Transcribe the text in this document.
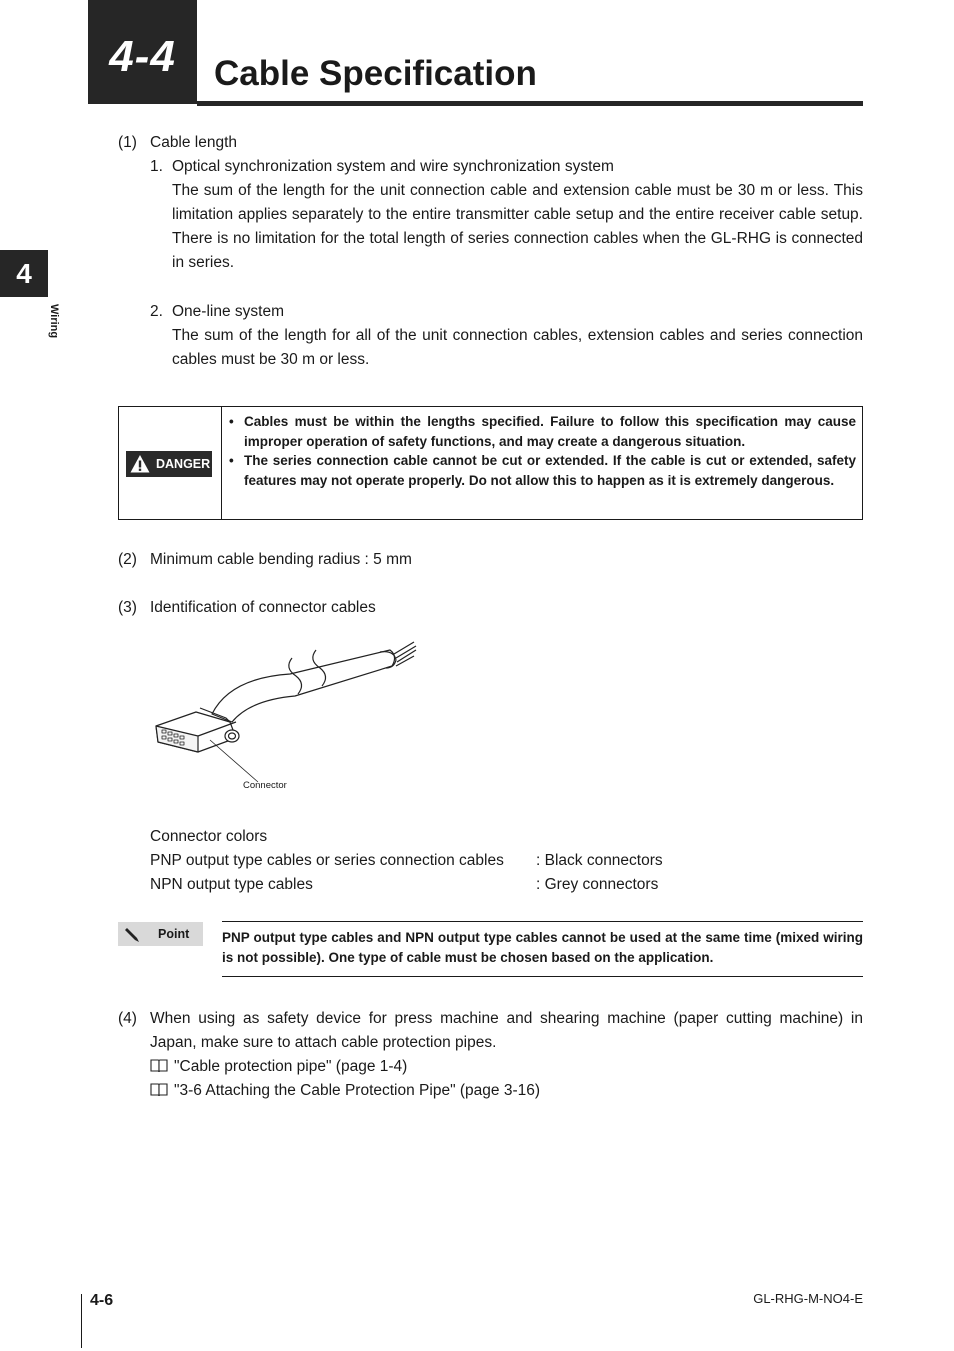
4-4 Cable Specification
4
Wiring
(1) Cable length
1. Optical synchronization system and wire synchronization system
The sum of the length for the unit connection cable and extension cable must be 30 m or less. This limitation applies separately to the entire transmitter cable setup and the entire receiver cable setup. There is no limitation for the total length of series connection cables when the GL-RHG is connected in series.
2. One-line system
The sum of the length for all of the unit connection cables, extension cables and series connection cables must be 30 m or less.
DANGER
• Cables must be within the lengths specified. Failure to follow this specification may cause improper operation of safety functions, and may create a dangerous situation.
• The series connection cable cannot be cut or extended. If the cable is cut or extended, safety features may not operate properly. Do not allow this to happen as it is extremely dangerous.
(2) Minimum cable bending radius : 5 mm
(3) Identification of connector cables
Connector
Connector colors
PNP output type cables or series connection cables : Black connectors
NPN output type cables	: Grey connectors
Point PNP output type cables and NPN output type cables cannot be used at the same time (mixed wiring is not possible). One type of cable must be chosen based on the application.
(4) When using as safety device for press machine and shearing machine (paper cutting machine) in Japan, make sure to attach cable protection pipes.
"Cable protection pipe" (page 1-4)
"3-6 Attaching the Cable Protection Pipe" (page 3-16)
4-6	GL-RHG-M-NO4-E
